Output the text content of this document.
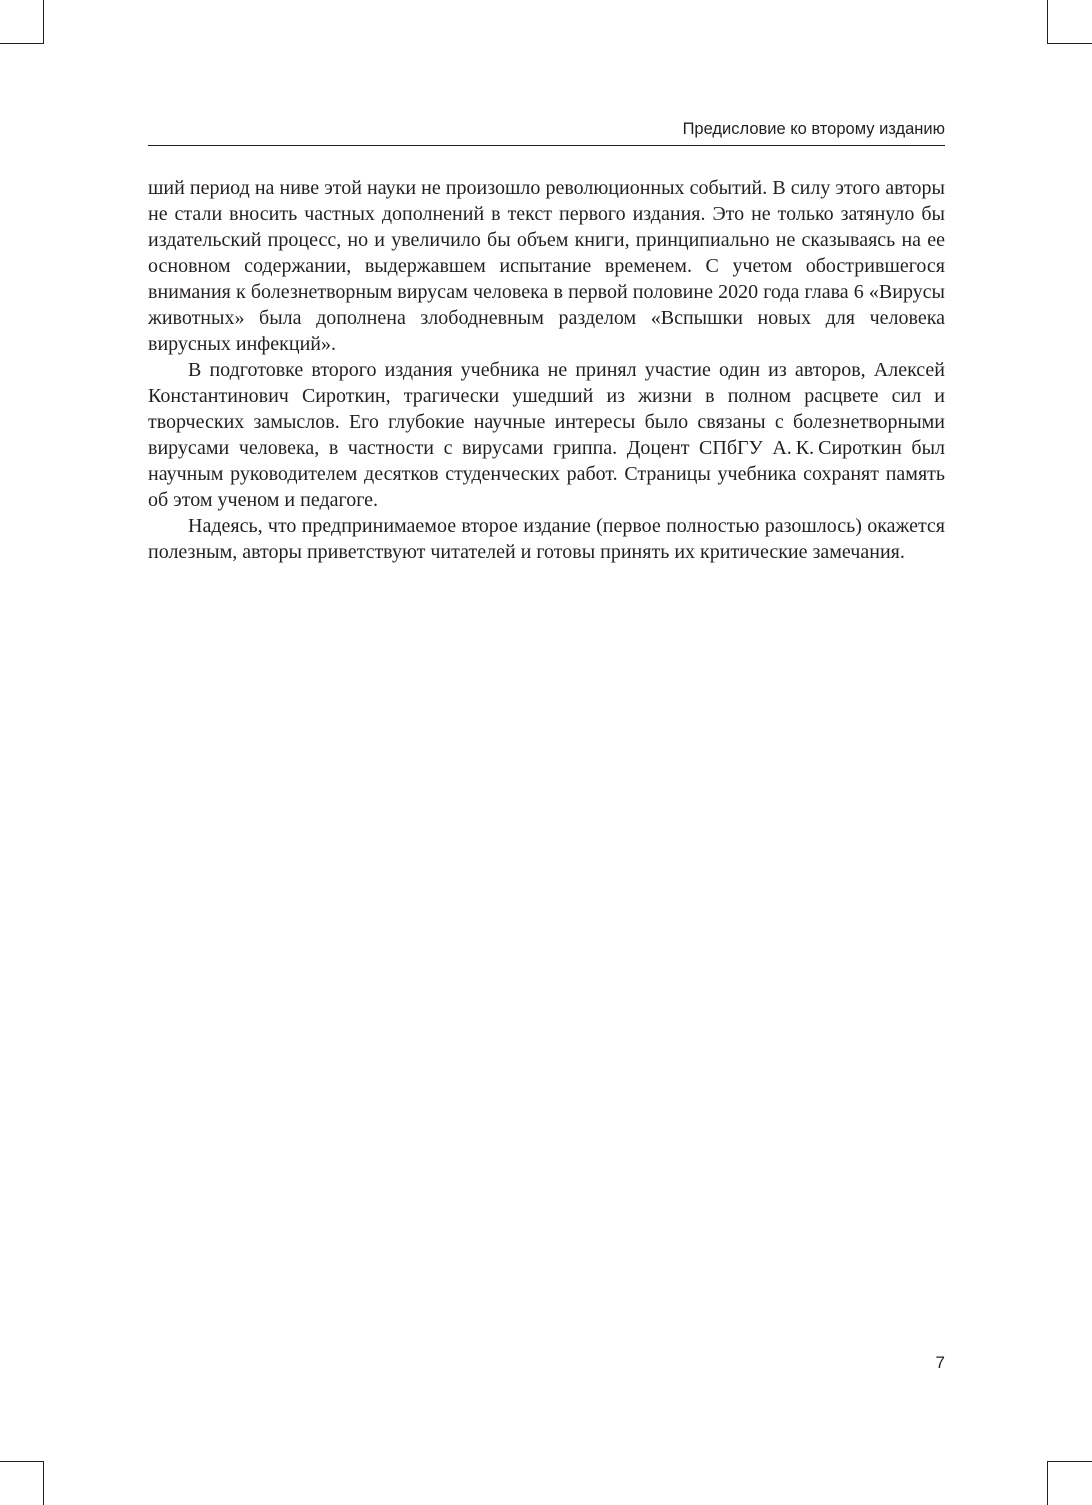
Предисловие ко второму изданию

ший период на ниве этой науки не произошло революционных событий. В силу этого авторы не стали вносить частных дополнений в текст первого издания. Это не только затянуло бы издательский процесс, но и увеличило бы объем книги, принципиально не сказываясь на ее основном содержании, выдержавшем испытание временем. С учетом обострившегося внимания к болезнетворным вирусам человека в первой половине 2020 года глава 6 «Вирусы животных» была дополнена злободневным разделом «Вспышки новых для человека вирусных инфекций».

В подготовке второго издания учебника не принял участие один из авторов, Алексей Константинович Сироткин, трагически ушедший из жизни в полном расцвете сил и творческих замыслов. Его глубокие научные интересы было связаны с болезнетворными вирусами человека, в частности с вирусами гриппа. Доцент СПбГУ А. К. Сироткин был научным руководителем десятков студенческих работ. Страницы учебника сохранят память об этом ученом и педагоге.

Надеясь, что предпринимаемое второе издание (первое полностью разошлось) окажется полезным, авторы приветствуют читателей и готовы принять их критические замечания.

7
